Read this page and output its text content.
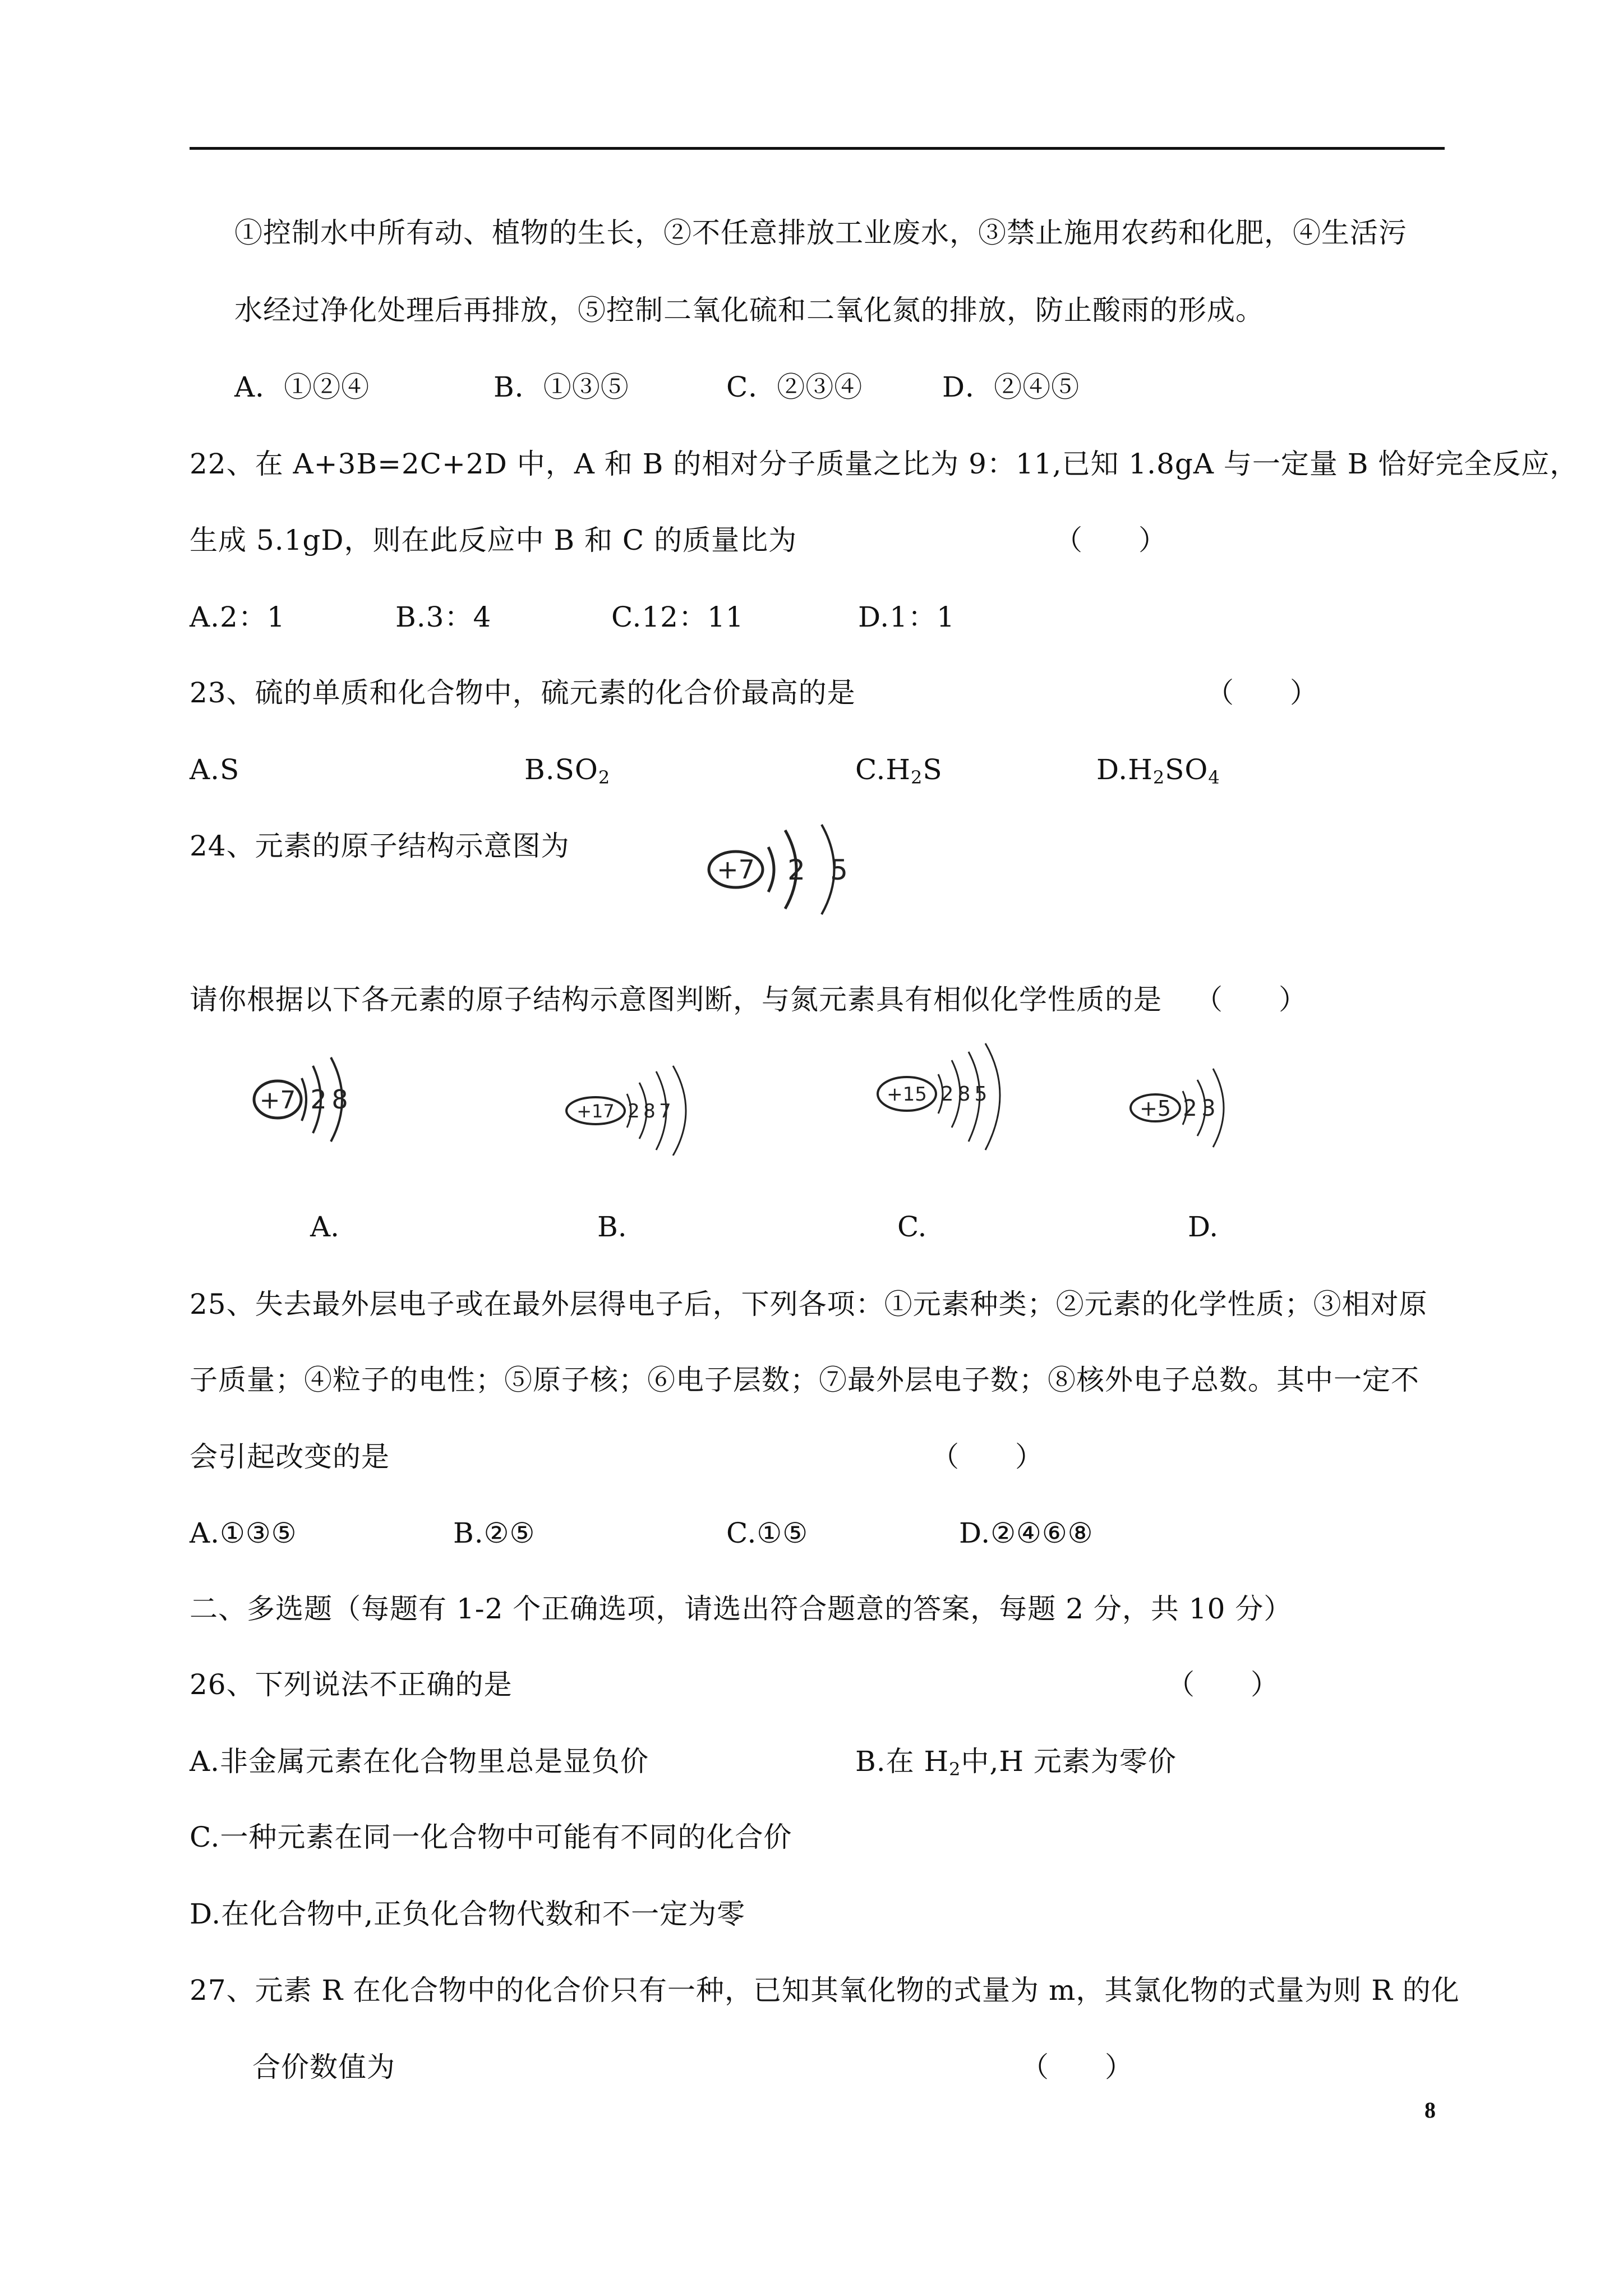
①控制水中所有动、植物的生长，②不任意排放工业废水，③禁止施用农药和化肥，④生活污
水经过净化处理后再排放，⑤控制二氧化硫和二氧化氮的排放，防止酸雨的形成。
A．①②④	B．①③⑤	C．②③④	D．②④⑤
22、在 A+3B=2C+2D 中，A 和 B 的相对分子质量之比为 9：11,已知 1.8gA 与一定量 B 恰好完全反应，
生成 5.1gD，则在此反应中 B 和 C 的质量比为	（　　）
A.2：1	B.3：4	C.12：11	D.1：1
23、硫的单质和化合物中，硫元素的化合价最高的是	（　　）
A.S	$B.SO_2$	$C.H_2S$	$D.H_2SO_4$
24、元素的原子结构示意图为
+7 2 5
请你根据以下各元素的原子结构示意图判断，与氮元素具有相似化学性质的是 （　　）
+7 2 8
A.
+17 2 8 7
B.
+15 2 8 5
C.
+5 2 3
D.
25、失去最外层电子或在最外层得电子后，下列各项：①元素种类；②元素的化学性质；③相对原
子质量；④粒子的电性；⑤原子核；⑥电子层数；⑦最外层电子数；⑧核外电子总数。其中一定不
会引起改变的是	（　　）
A.①③⑤	B.②⑤	C.①⑤	D.②④⑥⑧
二、多选题（每题有 1-2 个正确选项，请选出符合题意的答案，每题 2 分，共 10 分）
26、下列说法不正确的是	（　　）
A.非金属元素在化合物里总是显负价	B.在 $H_2$中,H 元素为零价
C.一种元素在同一化合物中可能有不同的化合价
D.在化合物中,正负化合物代数和不一定为零
27、元素 R 在化合物中的化合价只有一种，已知其氧化物的式量为 m，其氯化物的式量为则 R 的化
合价数值为	（　　）
8
